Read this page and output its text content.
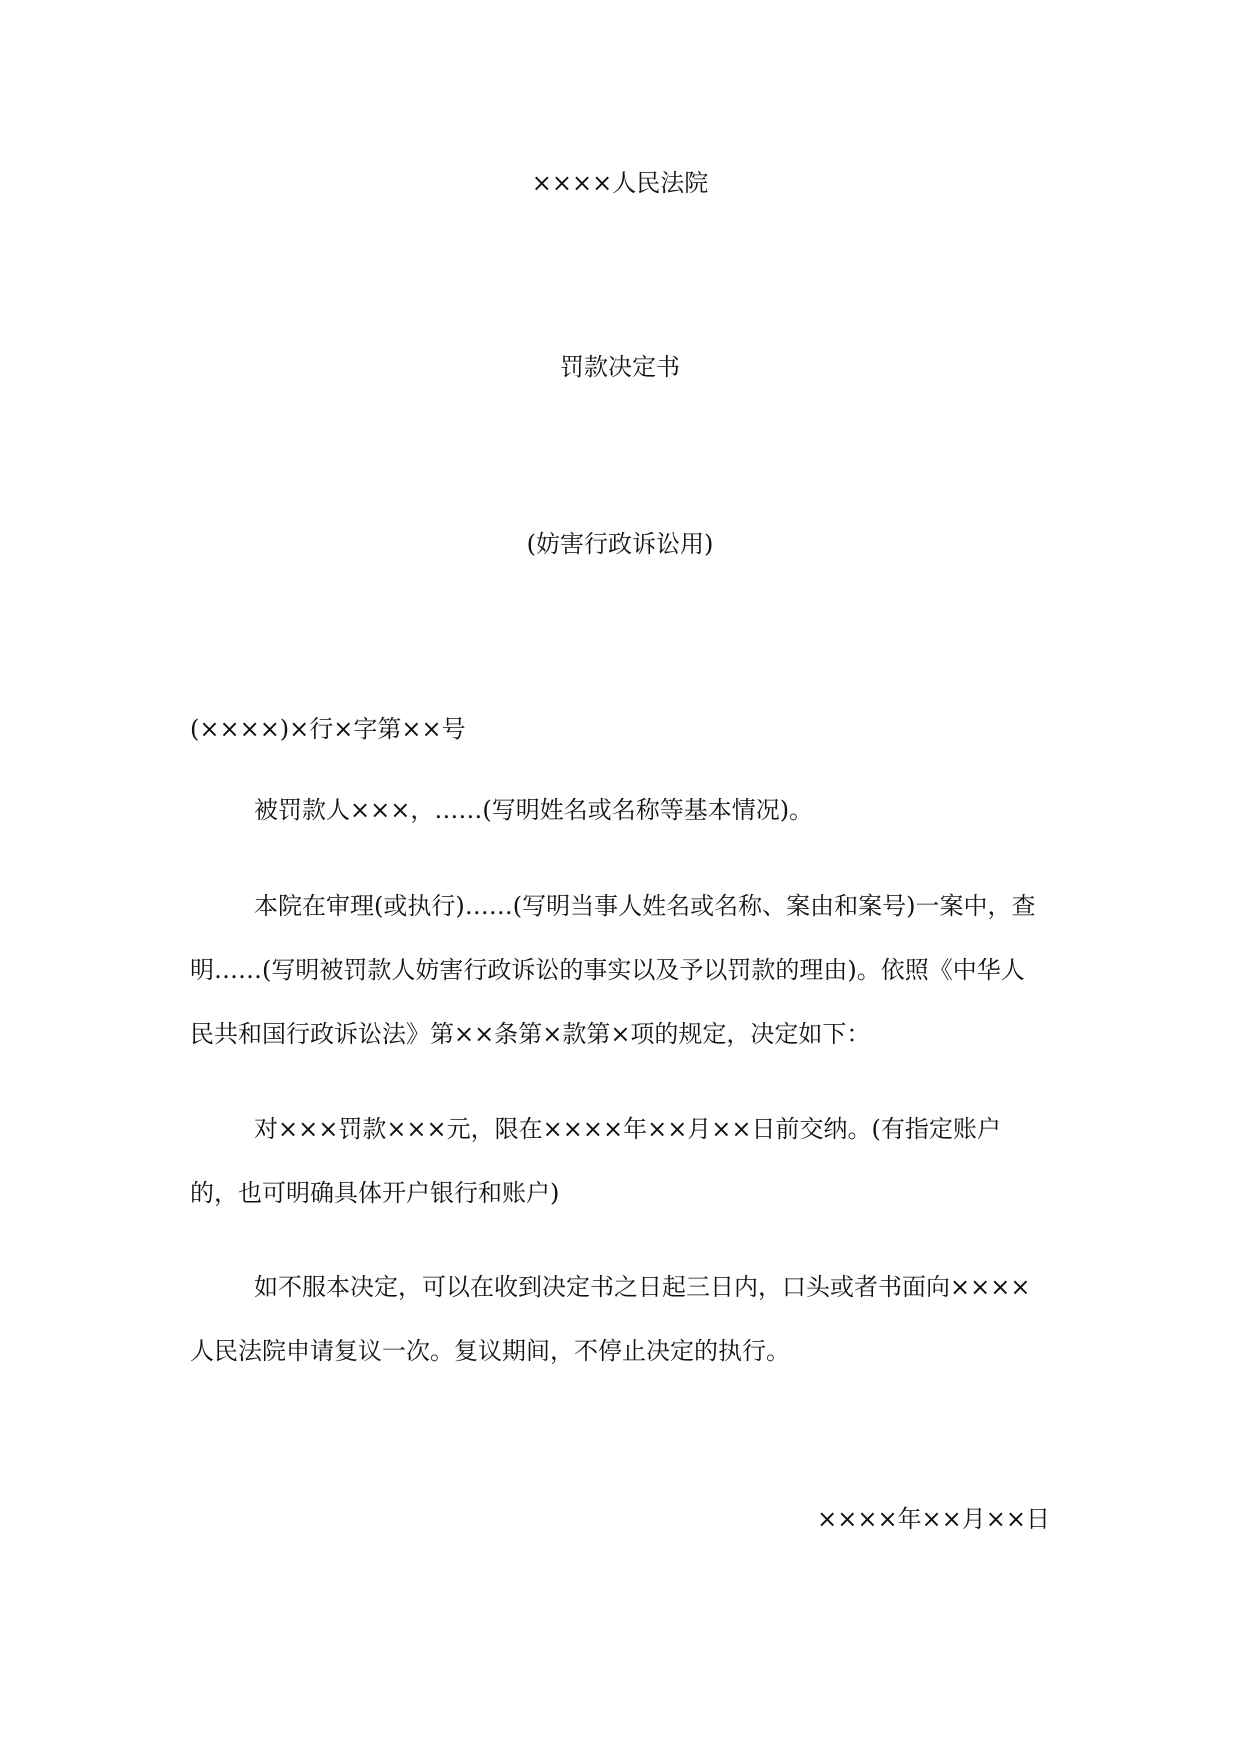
××××人民法院
罚款决定书
(妨害行政诉讼用)
(××××)×行×字第××号

被罚款人×××，……(写明姓名或名称等基本情况)。

本院在审理(或执行)……(写明当事人姓名或名称、案由和案号)一案中，查明……(写明被罚款人妨害行政诉讼的事实以及予以罚款的理由)。依照《中华人民共和国行政诉讼法》第××条第×款第×项的规定，决定如下：

对×××罚款×××元，限在××××年××月××日前交纳。(有指定账户的，也可明确具体开户银行和账户)

如不服本决定，可以在收到决定书之日起三日内，口头或者书面向××××人民法院申请复议一次。复议期间，不停止决定的执行。

××××年××月××日
